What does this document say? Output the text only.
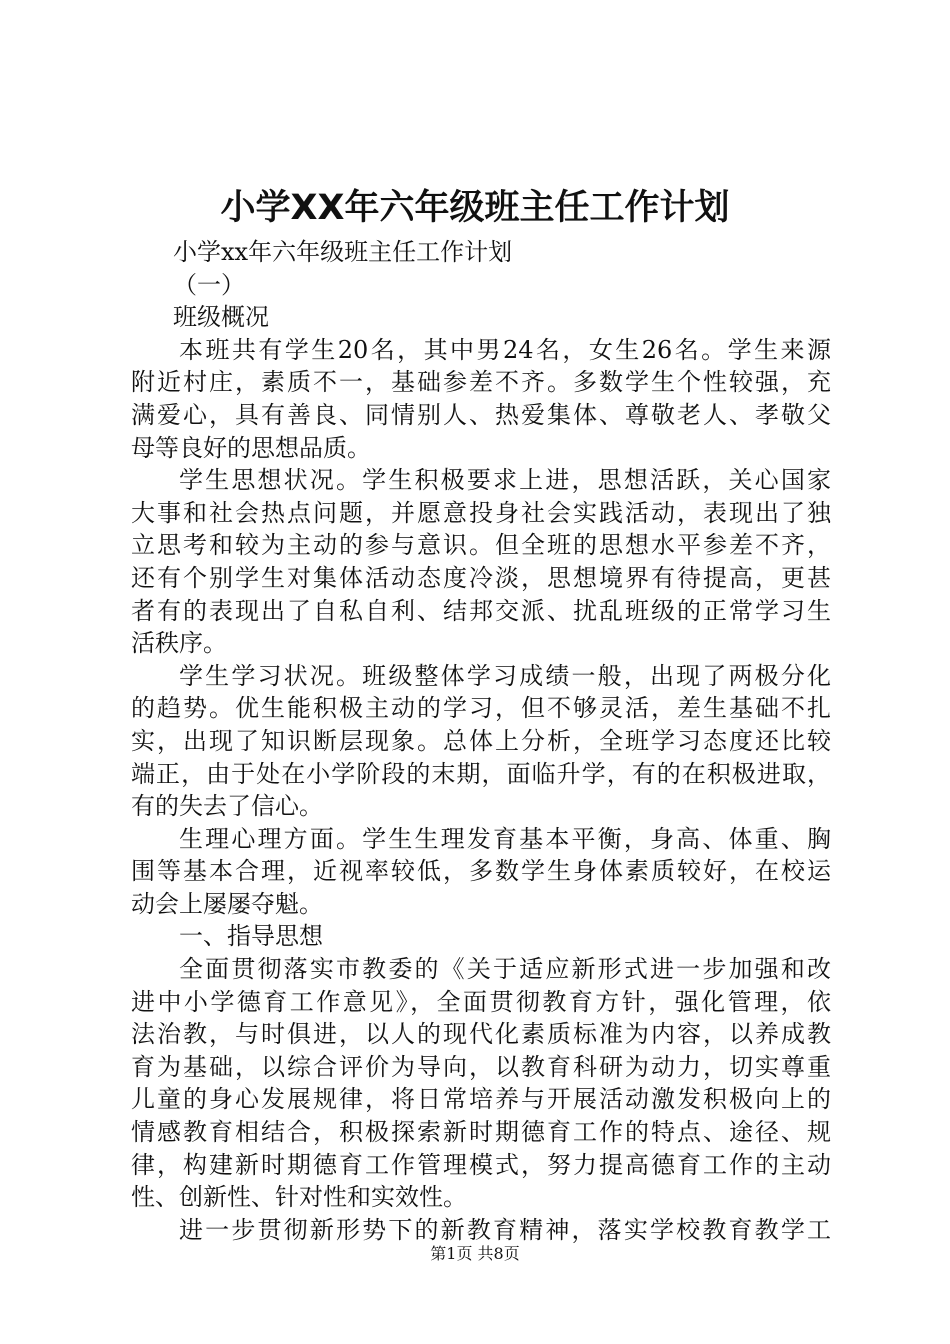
小学XX年六年级班主任工作计划
小学xx年六年级班主任工作计划
（一）
班级概况
本班共有学生20名，其中男24名，女生26名。学生来源
附近村庄，素质不一，基础参差不齐。多数学生个性较强，充
满爱心，具有善良、同情别人、热爱集体、尊敬老人、孝敬父
母等良好的思想品质。
学生思想状况。学生积极要求上进，思想活跃，关心国家
大事和社会热点问题，并愿意投身社会实践活动，表现出了独
立思考和较为主动的参与意识。但全班的思想水平参差不齐，
还有个别学生对集体活动态度冷淡，思想境界有待提高，更甚
者有的表现出了自私自利、结邦交派、扰乱班级的正常学习生
活秩序。
学生学习状况。班级整体学习成绩一般，出现了两极分化
的趋势。优生能积极主动的学习，但不够灵活，差生基础不扎
实，出现了知识断层现象。总体上分析，全班学习态度还比较
端正，由于处在小学阶段的末期，面临升学，有的在积极进取，
有的失去了信心。
生理心理方面。学生生理发育基本平衡，身高、体重、胸
围等基本合理，近视率较低，多数学生身体素质较好，在校运
动会上屡屡夺魁。
一、指导思想
全面贯彻落实市教委的《关于适应新形式进一步加强和改
进中小学德育工作意见》，全面贯彻教育方针，强化管理，依
法治教，与时俱进，以人的现代化素质标准为内容，以养成教
育为基础，以综合评价为导向，以教育科研为动力，切实尊重
儿童的身心发展规律，将日常培养与开展活动激发积极向上的
情感教育相结合，积极探索新时期德育工作的特点、途径、规
律，构建新时期德育工作管理模式，努力提高德育工作的主动
性、创新性、针对性和实效性。
进一步贯彻新形势下的新教育精神，落实学校教育教学工
第1页 共8页
